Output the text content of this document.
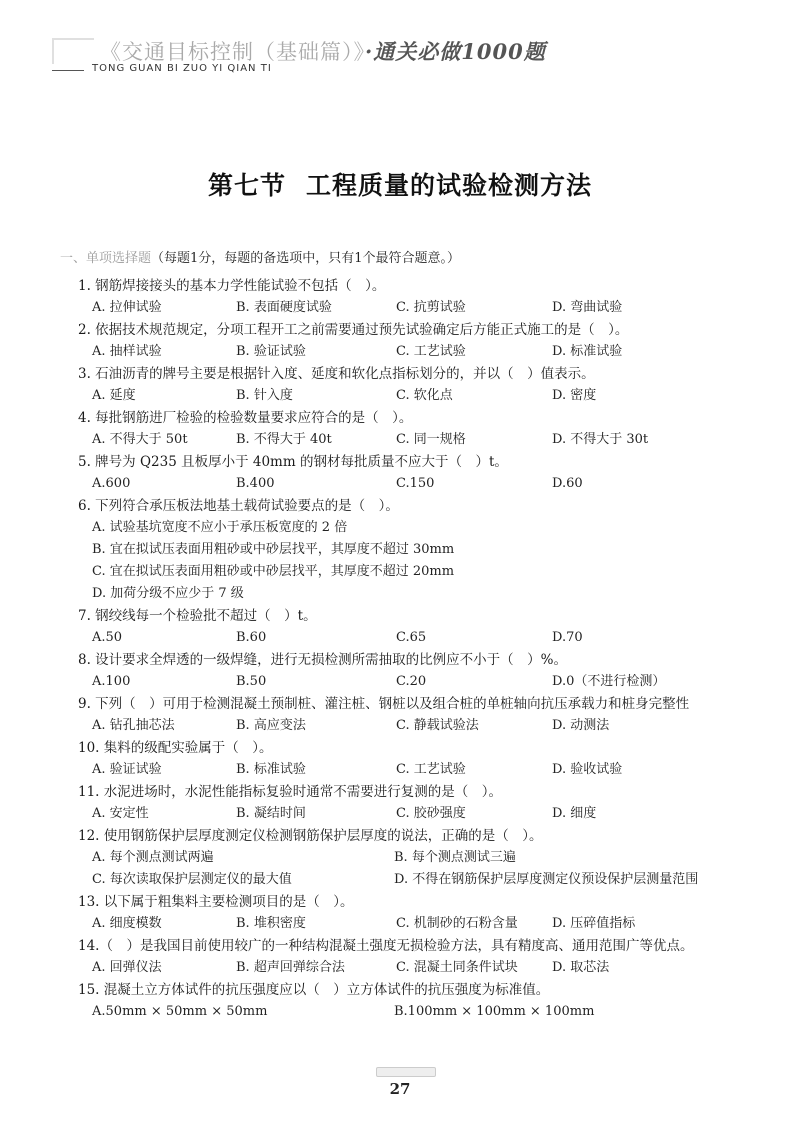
《交通目标控制（基础篇）》·通关必做1000题
TONG GUAN BI ZUO YI QIAN TI
第七节 工程质量的试验检测方法
一、单项选择题（每题1分，每题的备选项中，只有1个最符合题意。）
1. 钢筋焊接接头的基本力学性能试验不包括（　）。
A. 拉伸试验	B. 表面硬度试验	C. 抗剪试验	D. 弯曲试验
2. 依据技术规范规定，分项工程开工之前需要通过预先试验确定后方能正式施工的是（　）。
A. 抽样试验	B. 验证试验	C. 工艺试验	D. 标准试验
3. 石油沥青的牌号主要是根据针入度、延度和软化点指标划分的，并以（　）值表示。
A. 延度	B. 针入度	C. 软化点	D. 密度
4. 每批钢筋进厂检验的检验数量要求应符合的是（　）。
A. 不得大于 50t	B. 不得大于 40t	C. 同一规格	D. 不得大于 30t
5. 牌号为 Q235 且板厚小于 40mm 的钢材每批质量不应大于（　）t。
A.600	B.400	C.150	D.60
6. 下列符合承压板法地基土载荷试验要点的是（　）。
A. 试验基坑宽度不应小于承压板宽度的 2 倍
B. 宜在拟试压表面用粗砂或中砂层找平，其厚度不超过 30mm
C. 宜在拟试压表面用粗砂或中砂层找平，其厚度不超过 20mm
D. 加荷分级不应少于 7 级
7. 钢绞线每一个检验批不超过（　）t。
A.50	B.60	C.65	D.70
8. 设计要求全焊透的一级焊缝，进行无损检测所需抽取的比例应不小于（　）%。
A.100	B.50	C.20	D.0（不进行检测）
9. 下列（　）可用于检测混凝土预制桩、灌注桩、钢桩以及组合桩的单桩轴向抗压承载力和桩身完整性
A. 钻孔抽芯法	B. 高应变法	C. 静载试验法	D. 动测法
10. 集料的级配实验属于（　）。
A. 验证试验	B. 标准试验	C. 工艺试验	D. 验收试验
11. 水泥进场时，水泥性能指标复验时通常不需要进行复测的是（　）。
A. 安定性	B. 凝结时间	C. 胶砂强度	D. 细度
12. 使用钢筋保护层厚度测定仪检测钢筋保护层厚度的说法，正确的是（　）。
A. 每个测点测试两遍	B. 每个测点测试三遍
C. 每次读取保护层测定仪的最大值	D. 不得在钢筋保护层厚度测定仪预设保护层测量范围
13. 以下属于粗集料主要检测项目的是（　）。
A. 细度模数	B. 堆积密度	C. 机制砂的石粉含量	D. 压碎值指标
14.（　）是我国目前使用较广的一种结构混凝土强度无损检验方法，具有精度高、通用范围广等优点。
A. 回弹仪法	B. 超声回弹综合法	C. 混凝土同条件试块	D. 取芯法
15. 混凝土立方体试件的抗压强度应以（　）立方体试件的抗压强度为标准值。
A.50mm × 50mm × 50mm	B.100mm × 100mm × 100mm
27
